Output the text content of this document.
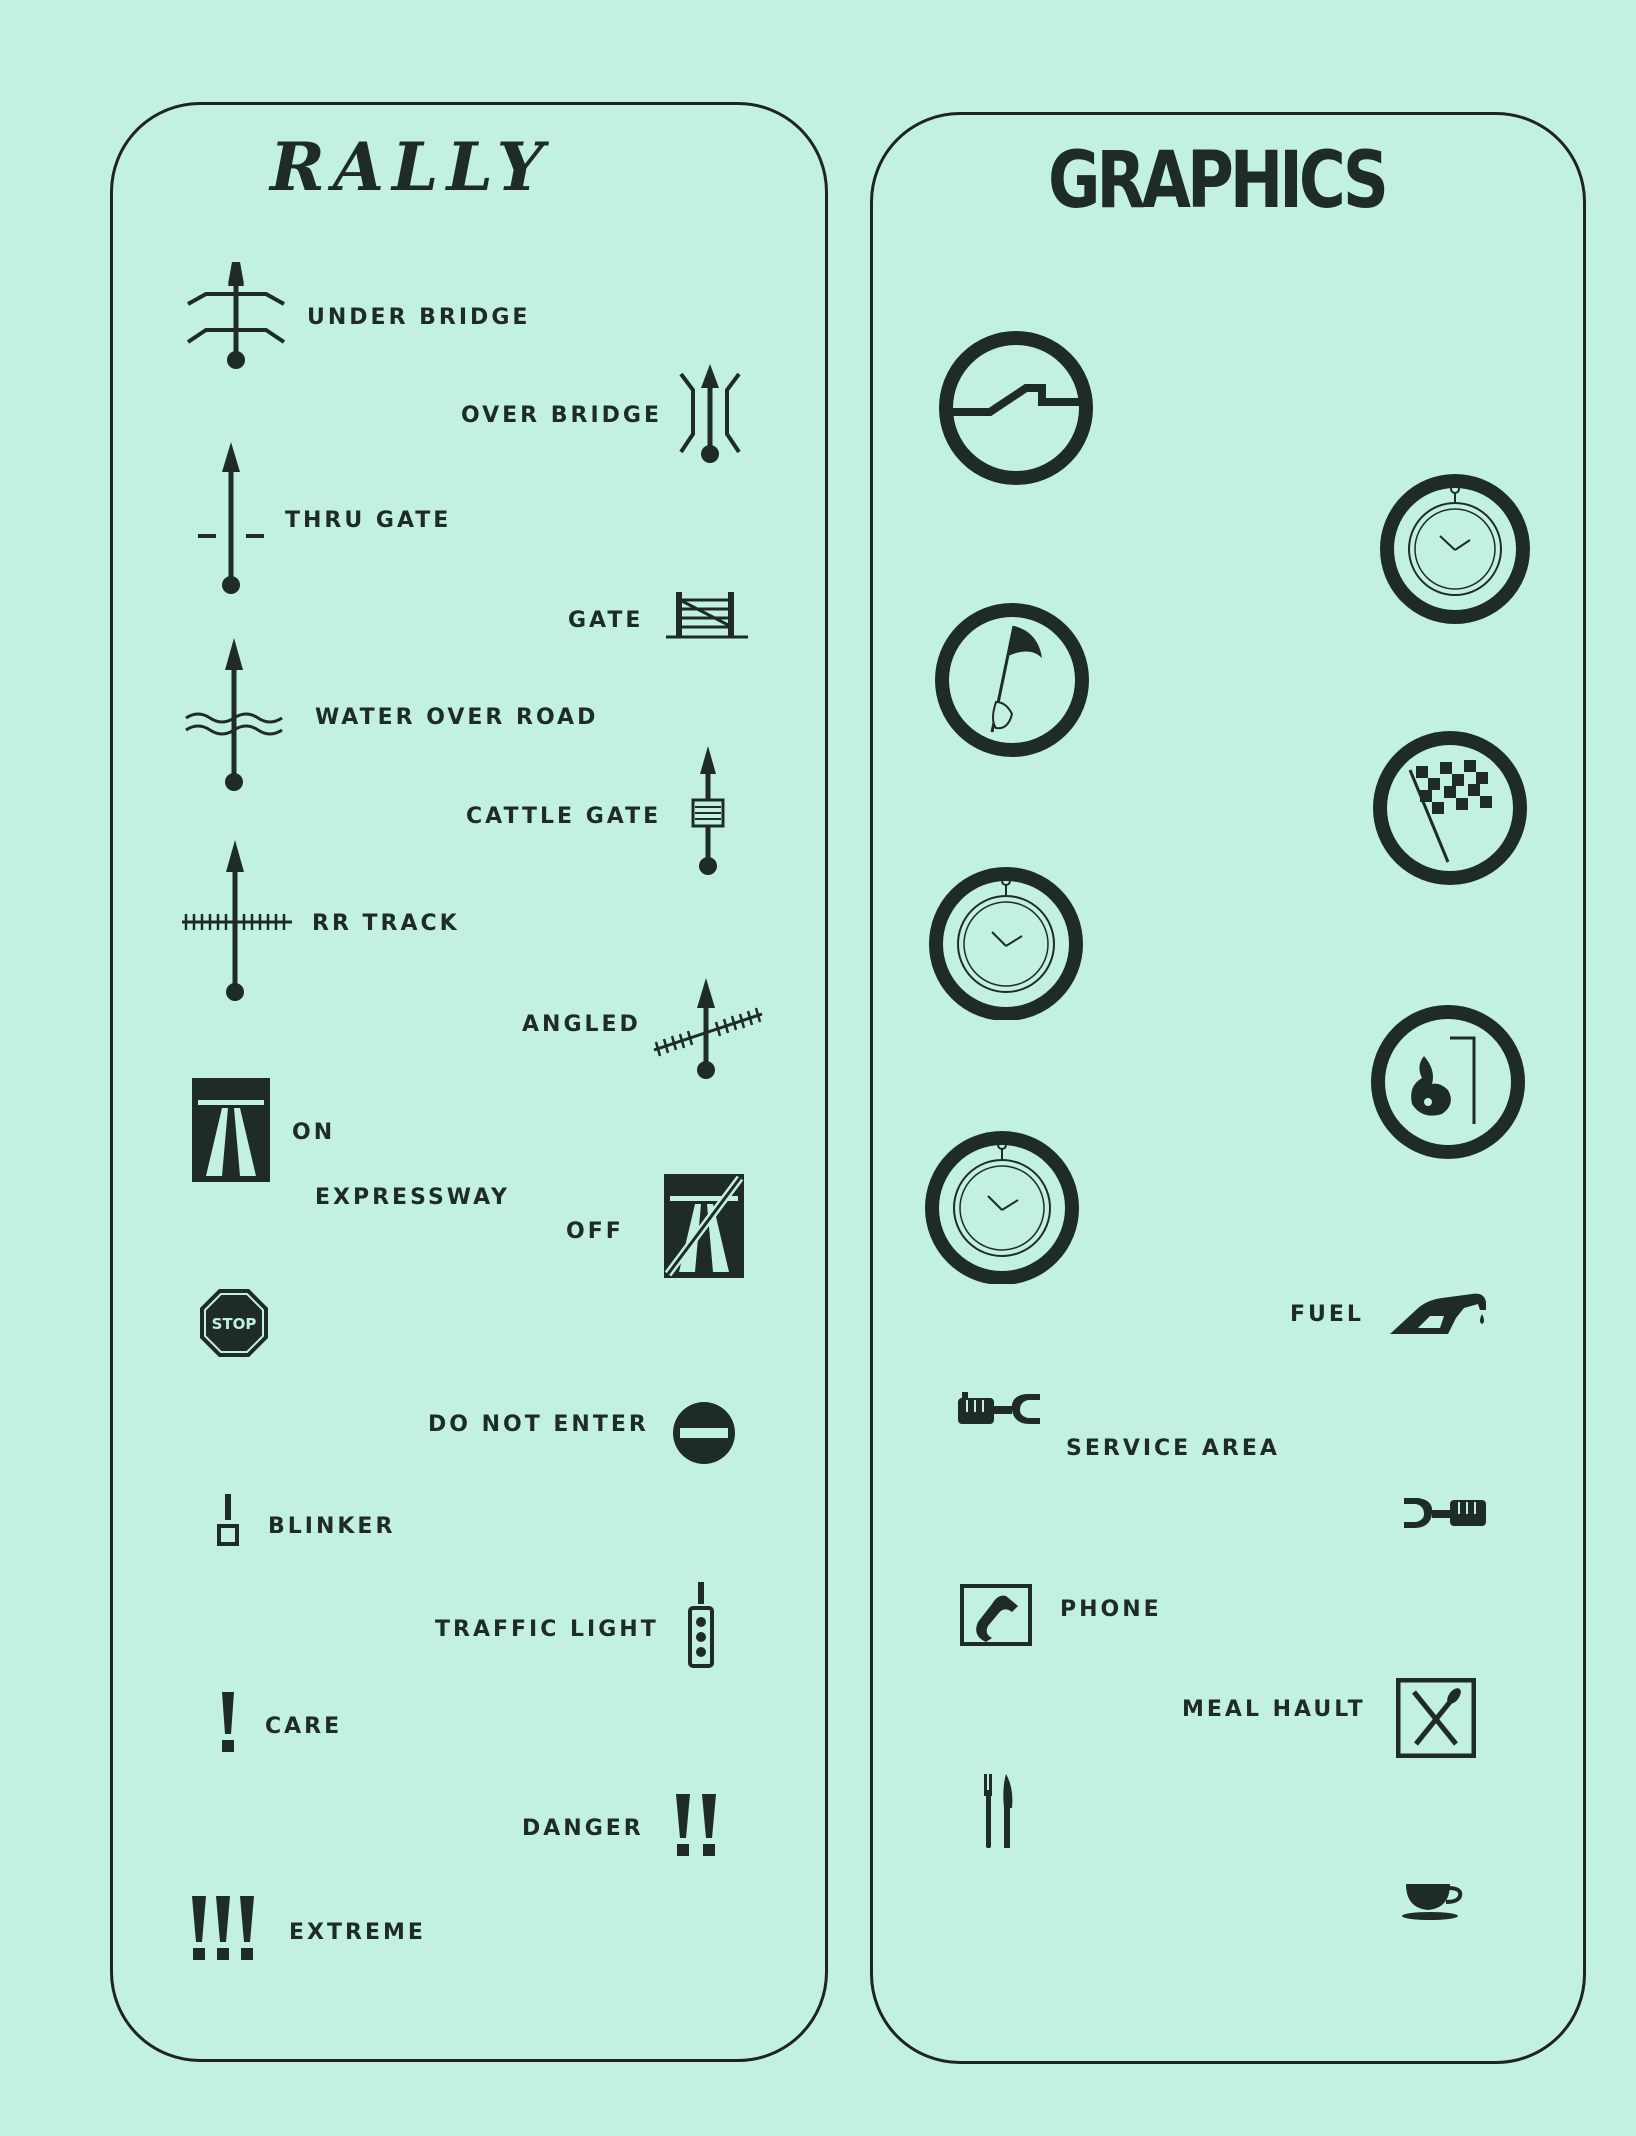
RALLY	GRAPHICS
UNDER BRIDGE
OVER BRIDGE
THRU GATE
GATE
WATER OVER ROAD
CATTLE GATE
RR TRACK
ANGLED
ON
EXPRESSWAY
OFF
STOP
DO NOT ENTER
BLINKER
TRAFFIC LIGHT
CARE
DANGER
EXTREME
FUEL
SERVICE AREA
PHONE
MEAL HAULT
